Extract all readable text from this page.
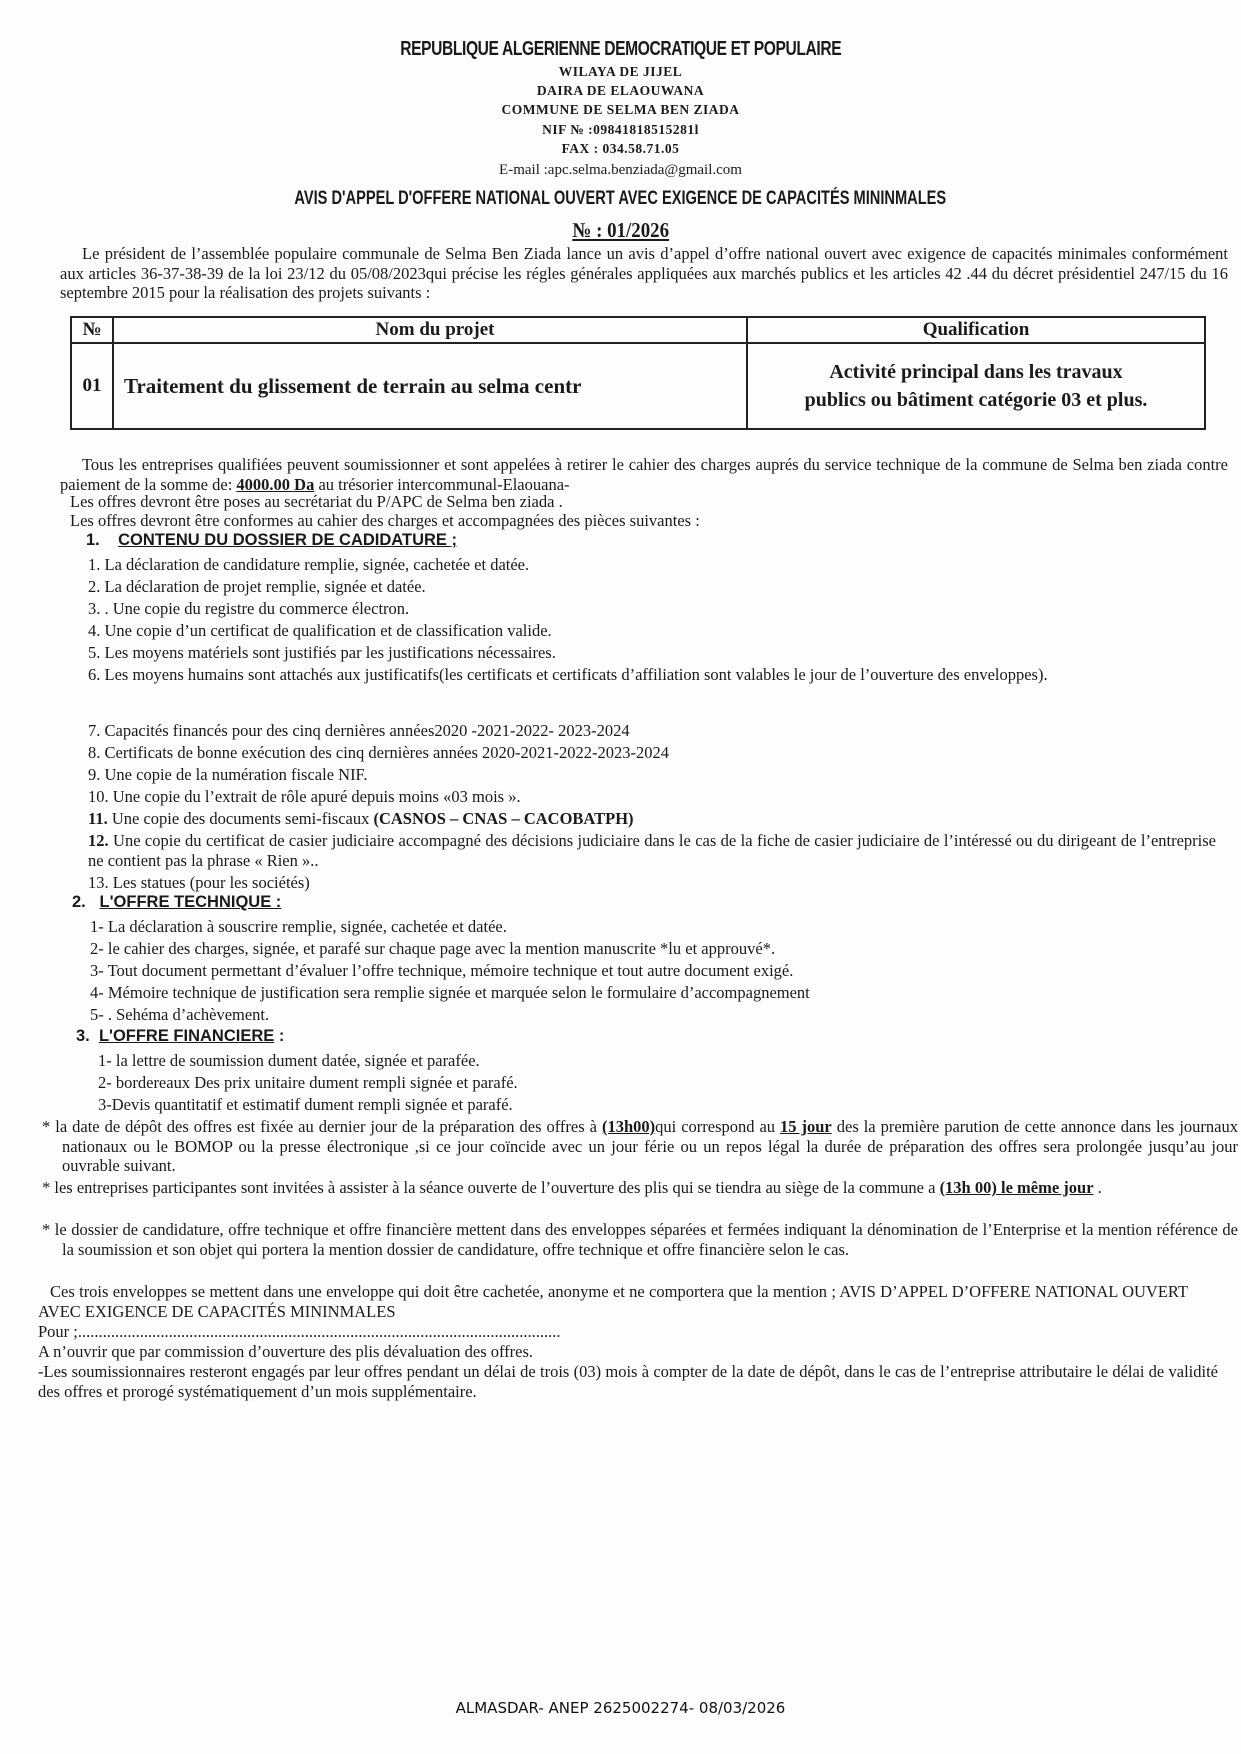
REPUBLIQUE ALGERIENNE DEMOCRATIQUE ET POPULAIRE
WILAYA DE JIJEL
DAIRA DE ELAOUWANA
COMMUNE DE SELMA BEN ZIADA
NIF № :09841818515281l
FAX : 034.58.71.05
E-mail :apc.selma.benziada@gmail.com
AVIS D'APPEL D'OFFERE NATIONAL OUVERT AVEC EXIGENCE DE CAPACITÉS MININMALES
№ : 01/2026
Le président de l’assemblée populaire communale de Selma Ben Ziada lance un avis d’appel d’offre national ouvert avec exigence de capacités minimales conformément aux articles 36-37-38-39 de la loi 23/12 du 05/08/2023qui précise les régles générales appliquées aux marchés publics et les articles 42 .44 du décret présidentiel 247/15 du 16 septembre 2015 pour la réalisation des projets suivants :
№	Nom du projet	Qualification
01	Traitement du glissement de terrain au selma centr	Activité principal dans les travaux
publics ou bâtiment catégorie 03 et plus.
Tous les entreprises qualifiées peuvent soumissionner et sont appelées à retirer le cahier des charges auprés du service technique de la commune de Selma ben ziada contre paiement de la somme de: 4000.00 Da au trésorier intercommunal-Elaouana-
Les offres devront être poses au secrétariat du P/APC de Selma ben ziada .
Les offres devront être conformes au cahier des charges et accompagnées des pièces suivantes :
1. CONTENU DU DOSSIER DE CADIDATURE ;
1. La déclaration de candidature remplie, signée, cachetée et datée.
2. La déclaration de projet remplie, signée et datée.
3. . Une copie du registre du commerce électron.
4. Une copie d’un certificat de qualification et de classification valide.
5. Les moyens matériels sont justifiés par les justifications nécessaires.
6. Les moyens humains sont attachés aux justificatifs(les certificats et certificats d’affiliation sont valables le jour de l’ouverture des enveloppes).
7. Capacités financés pour des cinq dernières années2020 -2021-2022- 2023-2024
8. Certificats de bonne exécution des cinq dernières années 2020-2021-2022-2023-2024
9. Une copie de la numération fiscale NIF.
10. Une copie du l’extrait de rôle apuré depuis moins «03 mois ».
11. Une copie des documents semi-fiscaux (CASNOS – CNAS – CACOBATPH)
12. Une copie du certificat de casier judiciaire accompagné des décisions judiciaire dans le cas de la fiche de casier judiciaire de l’intéressé ou du dirigeant de l’entreprise ne contient pas la phrase « Rien »..
13. Les statues (pour les sociétés)
2. L'OFFRE TECHNIQUE :
1- La déclaration à souscrire remplie, signée, cachetée et datée.
2- le cahier des charges, signée, et parafé sur chaque page avec la mention manuscrite *lu et approuvé*.
3- Tout document permettant d’évaluer l’offre technique, mémoire technique et tout autre document exigé.
4- Mémoire technique de justification sera remplie signée et marquée selon le formulaire d’accompagnement
5- . Sehéma d’achèvement.
3. L'OFFRE FINANCIERE :
1- la lettre de soumission dument datée, signée et parafée.
2- bordereaux Des prix unitaire dument rempli signée et parafé.
3-Devis quantitatif et estimatif dument rempli signée et parafé.
* la date de dépôt des offres est fixée au dernier jour de la préparation des offres à (13h00)qui correspond au 15 jour des la première parution de cette annonce dans les journaux nationaux ou le BOMOP ou la presse électronique ,si ce jour coïncide avec un jour férie ou un repos légal la durée de préparation des offres sera prolongée jusqu’au jour ouvrable suivant.
* les entreprises participantes sont invitées à assister à la séance ouverte de l’ouverture des plis qui se tiendra au siège de la commune a (13h 00) le même jour .
* le dossier de candidature, offre technique et offre financière mettent dans des enveloppes séparées et fermées indiquant la dénomination de l’Enterprise et la mention référence de la soumission et son objet qui portera la mention dossier de candidature, offre technique et offre financière selon le cas.
Ces trois enveloppes se mettent dans une enveloppe qui doit être cachetée, anonyme et ne comportera que la mention ; AVIS D’APPEL D’OFFERE NATIONAL OUVERT AVEC EXIGENCE DE CAPACITÉS MININMALES
Pour ;.....................................................................................................................
A n’ouvrir que par commission d’ouverture des plis dévaluation des offres.
-Les soumissionnaires resteront engagés par leur offres pendant un délai de trois (03) mois à compter de la date de dépôt, dans le cas de l’entreprise attributaire le délai de validité des offres et prorogé systématiquement d’un mois supplémentaire.
ALMASDAR- ANEP 2625002274- 08/03/2026
